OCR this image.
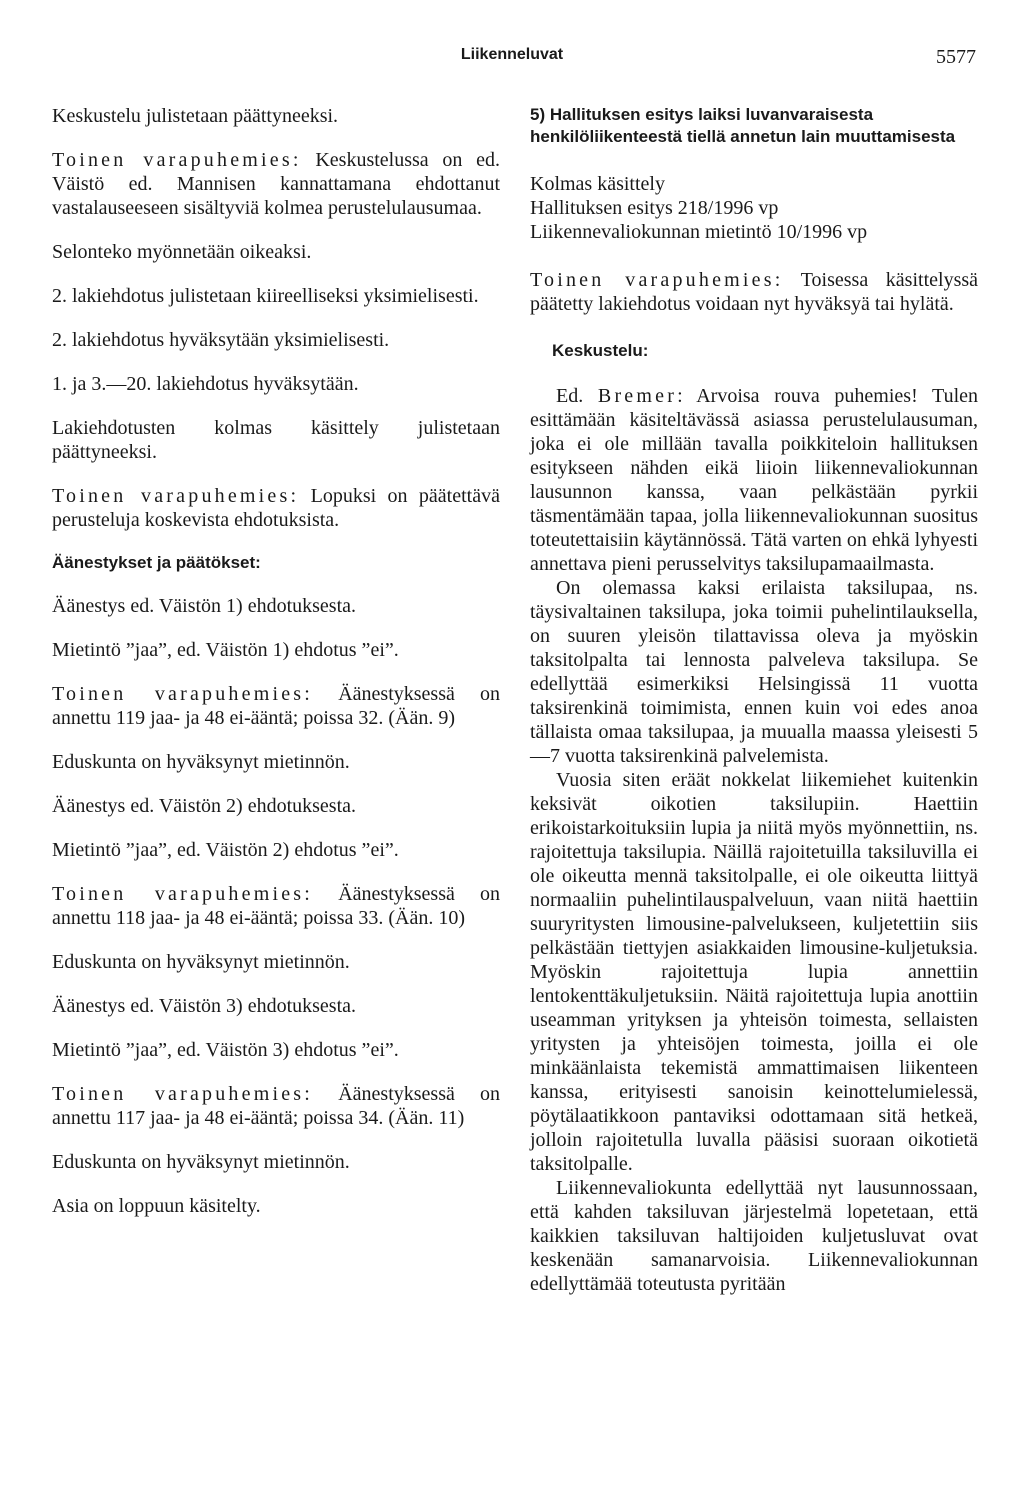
Liikenneluvat	5577

Keskustelu julistetaan päättyneeksi.

Toinen varapuhemies: Keskustelussa on ed. Väistö ed. Mannisen kannattamana ehdottanut vastalauseeseen sisältyviä kolmea perustelulausumaa.

Selonteko myönnetään oikeaksi.

2. lakiehdotus julistetaan kiireelliseksi yksimielisesti.

2. lakiehdotus hyväksytään yksimielisesti.

1. ja 3.—20. lakiehdotus hyväksytään.

Lakiehdotusten kolmas käsittely julistetaan päättyneeksi.

Toinen varapuhemies: Lopuksi on päätettävä perusteluja koskevista ehdotuksista.

Äänestykset ja päätökset:

Äänestys ed. Väistön 1) ehdotuksesta.

Mietintö ”jaa”, ed. Väistön 1) ehdotus ”ei”.

Toinen varapuhemies: Äänestyksessä on annettu 119 jaa- ja 48 ei-ääntä; poissa 32. (Ään. 9)

Eduskunta on hyväksynyt mietinnön.

Äänestys ed. Väistön 2) ehdotuksesta.

Mietintö ”jaa”, ed. Väistön 2) ehdotus ”ei”.

Toinen varapuhemies: Äänestyksessä on annettu 118 jaa- ja 48 ei-ääntä; poissa 33. (Ään. 10)

Eduskunta on hyväksynyt mietinnön.

Äänestys ed. Väistön 3) ehdotuksesta.

Mietintö ”jaa”, ed. Väistön 3) ehdotus ”ei”.

Toinen varapuhemies: Äänestyksessä on annettu 117 jaa- ja 48 ei-ääntä; poissa 34. (Ään. 11)

Eduskunta on hyväksynyt mietinnön.

Asia on loppuun käsitelty.

5) Hallituksen esitys laiksi luvanvaraisesta henkilöliikenteestä tiellä annetun lain muuttamisesta

Kolmas käsittely

Hallituksen esitys 218/1996 vp

Liikennevaliokunnan mietintö 10/1996 vp

Toinen varapuhemies: Toisessa käsittelyssä päätetty lakiehdotus voidaan nyt hyväksyä tai hylätä.

Keskustelu:

Ed. Bremer: Arvoisa rouva puhemies! Tulen esittämään käsiteltävässä asiassa perustelulausuman, joka ei ole millään tavalla poikkiteloin hallituksen esitykseen nähden eikä liioin liikennevaliokunnan lausunnon kanssa, vaan pelkästään pyrkii täsmentämään tapaa, jolla liikennevaliokunnan suositus toteutettaisiin käytännössä. Tätä varten on ehkä lyhyesti annettava pieni perusselvitys taksilupamaailmasta.

On olemassa kaksi erilaista taksilupaa, ns. täysivaltainen taksilupa, joka toimii puhelintilauksella, on suuren yleisön tilattavissa oleva ja myöskin taksitolpalta tai lennosta palveleva taksilupa. Se edellyttää esimerkiksi Helsingissä 11 vuotta taksirenkinä toimimista, ennen kuin voi edes anoa tällaista omaa taksilupaa, ja muualla maassa yleisesti 5—7 vuotta taksirenkinä palvelemista.

Vuosia siten eräät nokkelat liikemiehet kuitenkin keksivät oikotien taksilupiin. Haettiin erikoistarkoituksiin lupia ja niitä myös myönnettiin, ns. rajoitettuja taksilupia. Näillä rajoitetuilla taksiluvilla ei ole oikeutta mennä taksitolpalle, ei ole oikeutta liittyä normaaliin puhelintilauspalveluun, vaan niitä haettiin suuryritysten limousine-palvelukseen, kuljetettiin siis pelkästään tiettyjen asiakkaiden limousine-kuljetuksia. Myöskin rajoitettuja lupia annettiin lentokenttäkuljetuksiin. Näitä rajoitettuja lupia anottiin useamman yrityksen ja yhteisön toimesta, sellaisten yritysten ja yhteisöjen toimesta, joilla ei ole minkäänlaista tekemistä ammattimaisen liikenteen kanssa, erityisesti sanoisin keinottelumielessä, pöytälaatikkoon pantaviksi odottamaan sitä hetkeä, jolloin rajoitetulla luvalla pääsisi suoraan oikotietä taksitolpalle.

Liikennevaliokunta edellyttää nyt lausunnossaan, että kahden taksiluvan järjestelmä lopetetaan, että kaikkien taksiluvan haltijoiden kuljetusluvat ovat keskenään samanarvoisia. Liikennevaliokunnan edellyttämää toteutusta pyritään
